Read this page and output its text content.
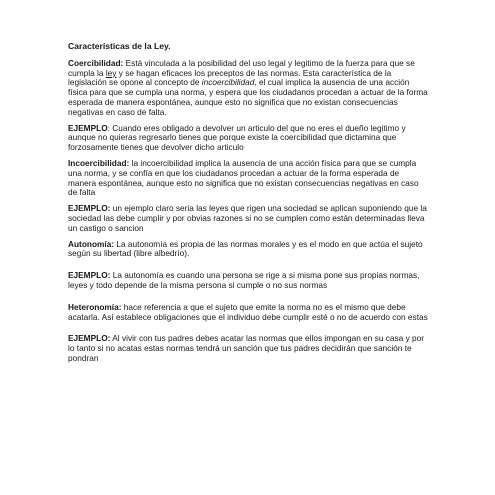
Características de la Ley.

Coercibilidad: Está vinculada a la posibilidad del uso legal y legitimo de la fuerza para que se cumpla la ley y se hagan eficaces los preceptos de las normas. Esta característica de la legislación se opone al concepto de incoercibilidad, el cual implica la ausencia de una acción física para que se cumpla una norma, y espera que los ciudadanos procedan a actuar de la forma esperada de manera espontánea, aunque esto no significa que no existan consecuencias negativas en caso de falta.

EJEMPLO: Cuando eres obligado a devolver un articulo del que no eres el dueño legitimo y aunque no quieras regresarlo tienes que porque existe la coercibilidad que dictamina que forzosamente tienes que devolver dicho articulo

Incoercibilidad: la incoercibilidad implica la ausencia de una acción física para que se cumpla una norma, y se confía en que los ciudadanos procedan a actuar de la forma esperada de manera espontánea, aunque esto no significa que no existan consecuencias negativas en caso de falta

EJEMPLO: un ejemplo claro seria las leyes que rigen una sociedad se aplican suponiendo que la sociedad las debe cumplir y por obvias razones si no se cumplen como están determinadas lleva un castigo o sancion

Autonomía: La autonomía es propia de las normas morales y es el modo en que actúa el sujeto según su libertad (libre albedrío).

EJEMPLO: La autonomía es cuando una persona se rige a si misma pone sus propias normas, leyes y todo depende de la misma persona si cumple o no sus normas

Heteronomía: hace referencia a que el sujeto que emite la norma no es el mismo que debe acatarla. Así establece obligaciones que el individuo debe cumplir esté o no de acuerdo con estas

EJEMPLO: Al vivir con tus padres debes acatar las normas que ellos impongan en su casa y por lo tanto si no acatas estas normas tendrá un sanción que tus padres decidirán que sanción te pondran
